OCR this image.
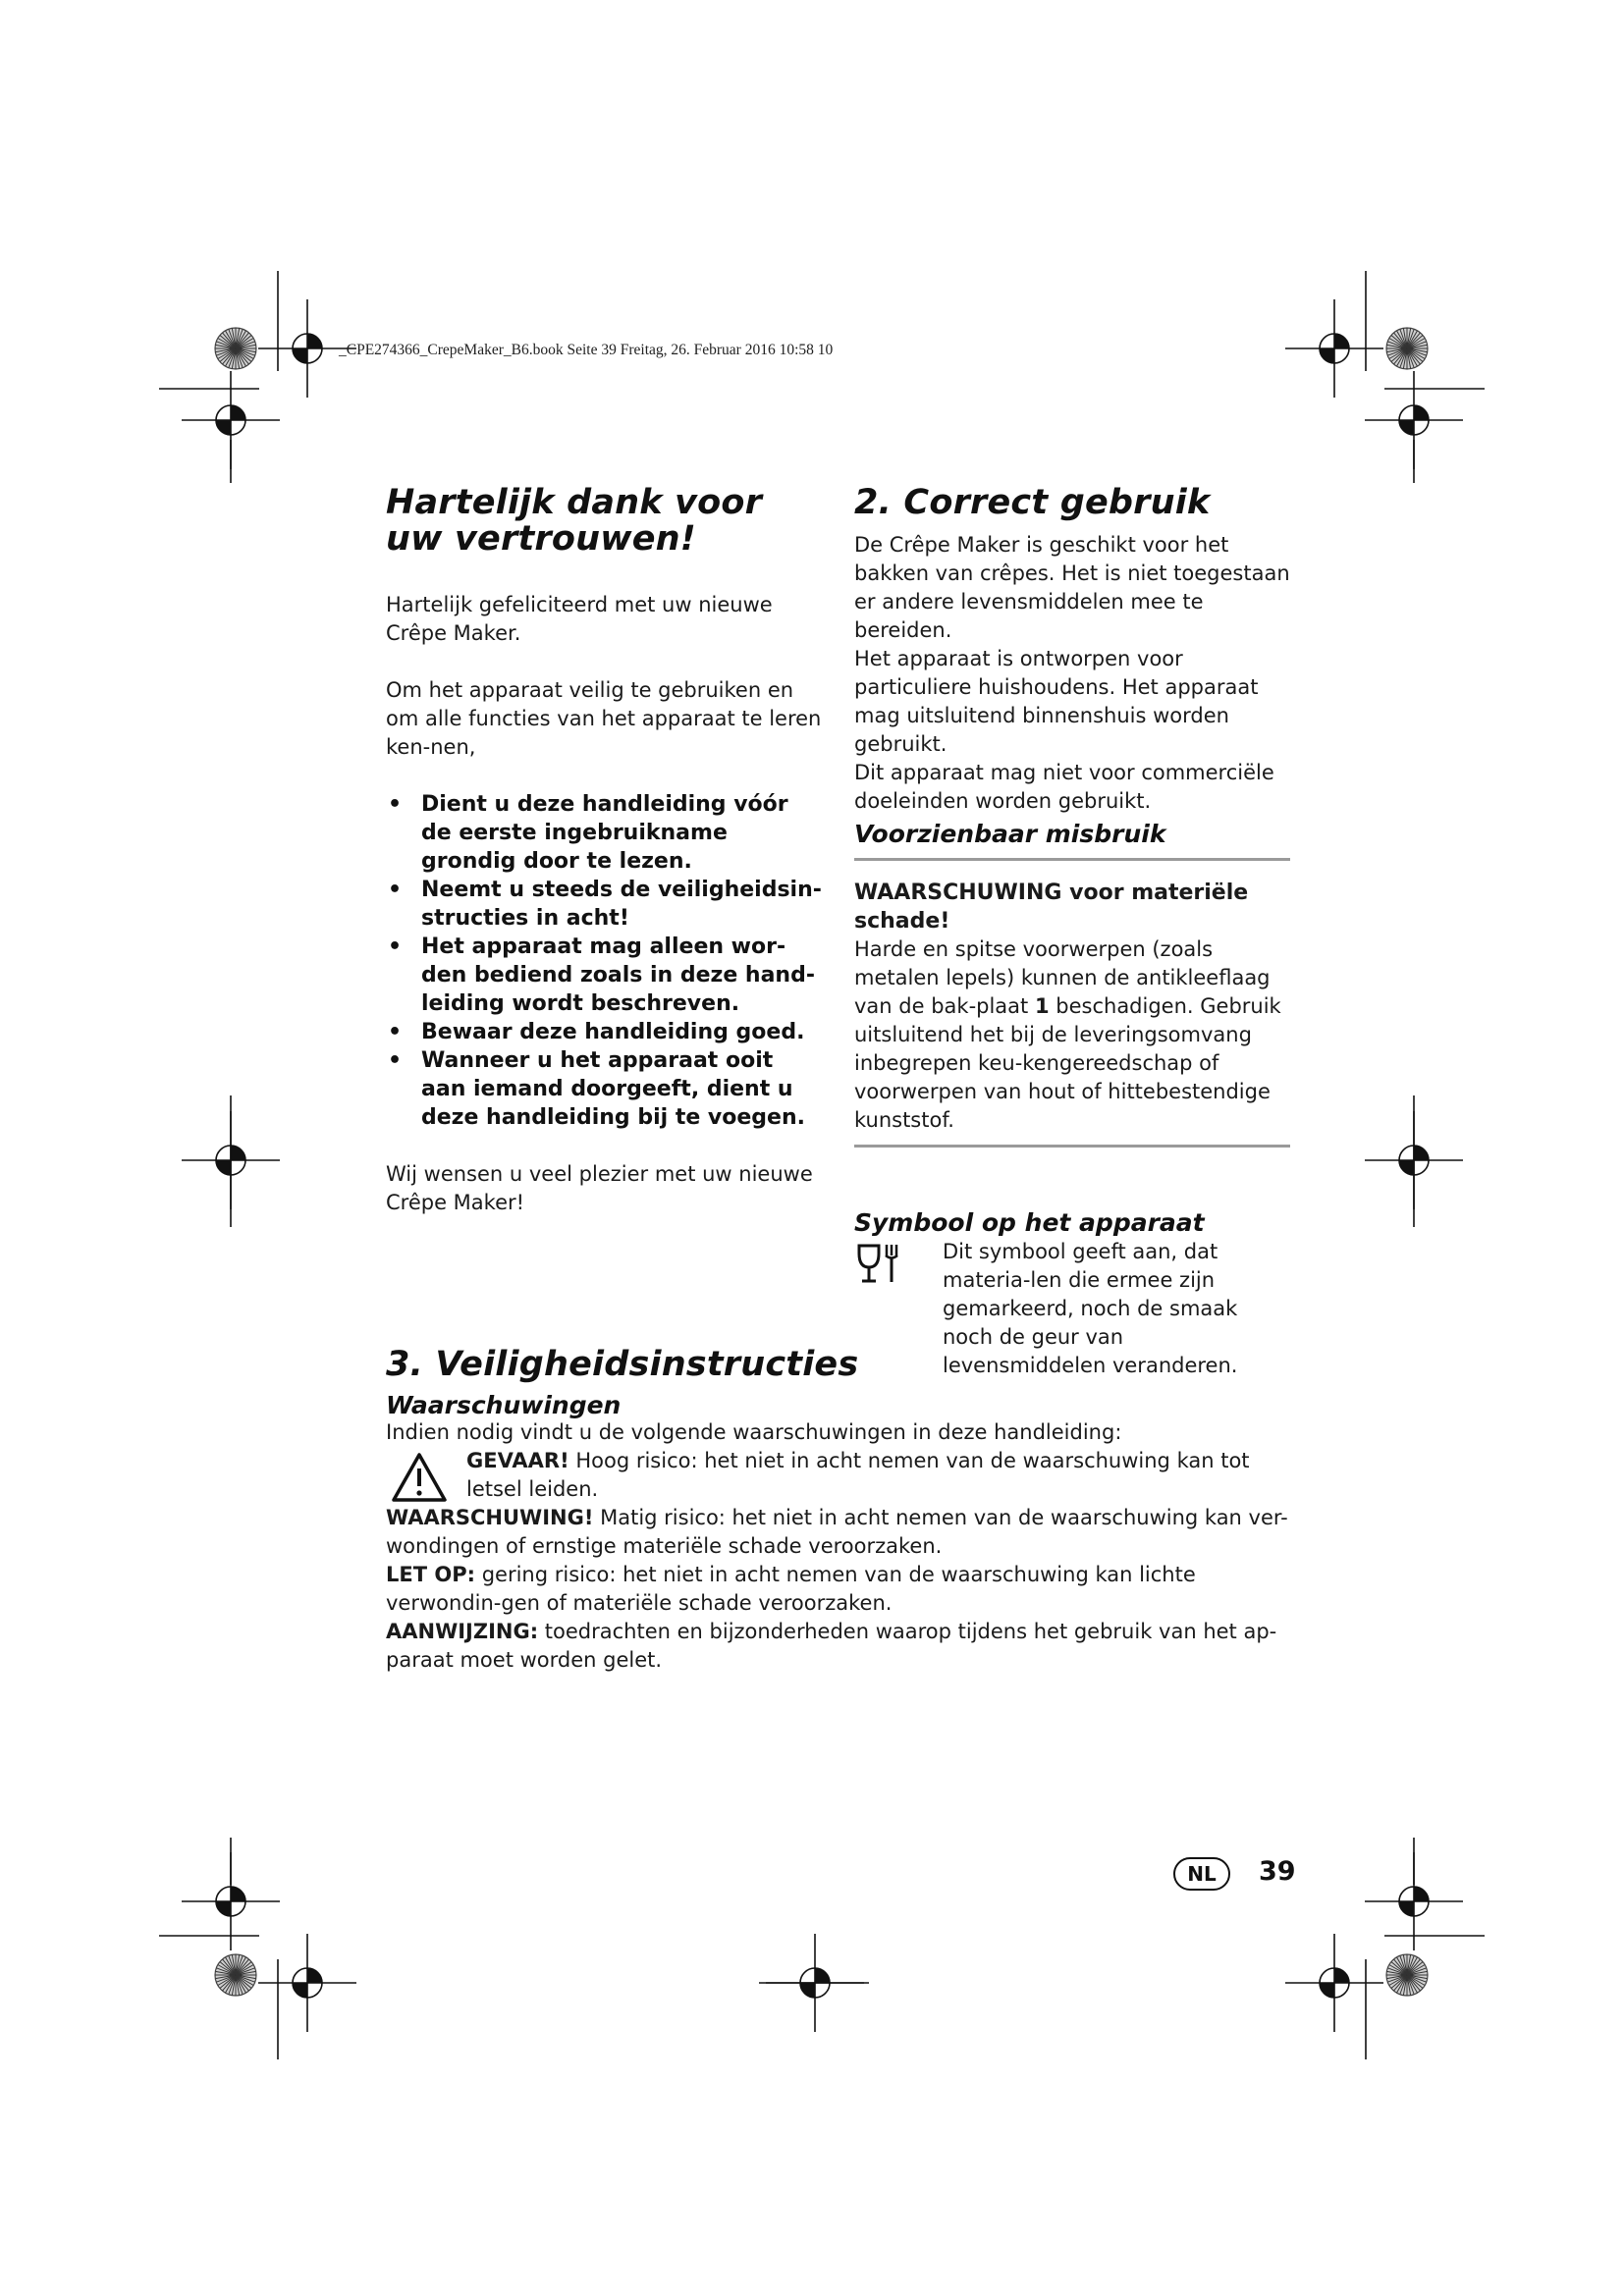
_CPE274366_CrepeMaker_B6.book Seite 39 Freitag, 26. Februar 2016 10:58 10
Hartelijk dank voor uw vertrouwen!

Hartelijk gefeliciteerd met uw nieuwe Crêpe Maker.

Om het apparaat veilig te gebruiken en om alle functies van het apparaat te leren ken-nen,

• Dient u deze handleiding vóór de eerste ingebruikname grondig door te lezen.
• Neemt u steeds de veiligheidsin-structies in acht!
• Het apparaat mag alleen wor-den bediend zoals in deze hand-leiding wordt beschreven.
• Bewaar deze handleiding goed.
• Wanneer u het apparaat ooit aan iemand doorgeeft, dient u deze handleiding bij te voegen.

Wij wensen u veel plezier met uw nieuwe Crêpe Maker!

2. Correct gebruik

De Crêpe Maker is geschikt voor het bakken van crêpes. Het is niet toegestaan er andere levensmiddelen mee te bereiden.

Het apparaat is ontworpen voor particuliere huishoudens. Het apparaat mag uitsluitend binnenshuis worden gebruikt.

Dit apparaat mag niet voor commerciële doeleinden worden gebruikt.

Voorzienbaar misbruik

WAARSCHUWING voor materiële schade!

Harde en spitse voorwerpen (zoals metalen lepels) kunnen de antikleeflaag van de bak-plaat 1 beschadigen. Gebruik uitsluitend het bij de leveringsomvang inbegrepen keu-kengereedschap of voorwerpen van hout of hittebestendige kunststof.

Symbool op het apparaat

Dit symbool geeft aan, dat materia-len die ermee zijn gemarkeerd, noch de smaak noch de geur van levensmiddelen veranderen.

3. Veiligheidsinstructies
Waarschuwingen

Indien nodig vindt u de volgende waarschuwingen in deze handleiding:

GEVAAR! Hoog risico: het niet in acht nemen van de waarschuwing kan tot letsel leiden.

WAARSCHUWING! Matig risico: het niet in acht nemen van de waarschuwing kan ver-wondingen of ernstige materiële schade veroorzaken.

LET OP: gering risico: het niet in acht nemen van de waarschuwing kan lichte verwondin-gen of materiële schade veroorzaken.

AANWIJZING: toedrachten en bijzonderheden waarop tijdens het gebruik van het ap-paraat moet worden gelet.

NL	39
